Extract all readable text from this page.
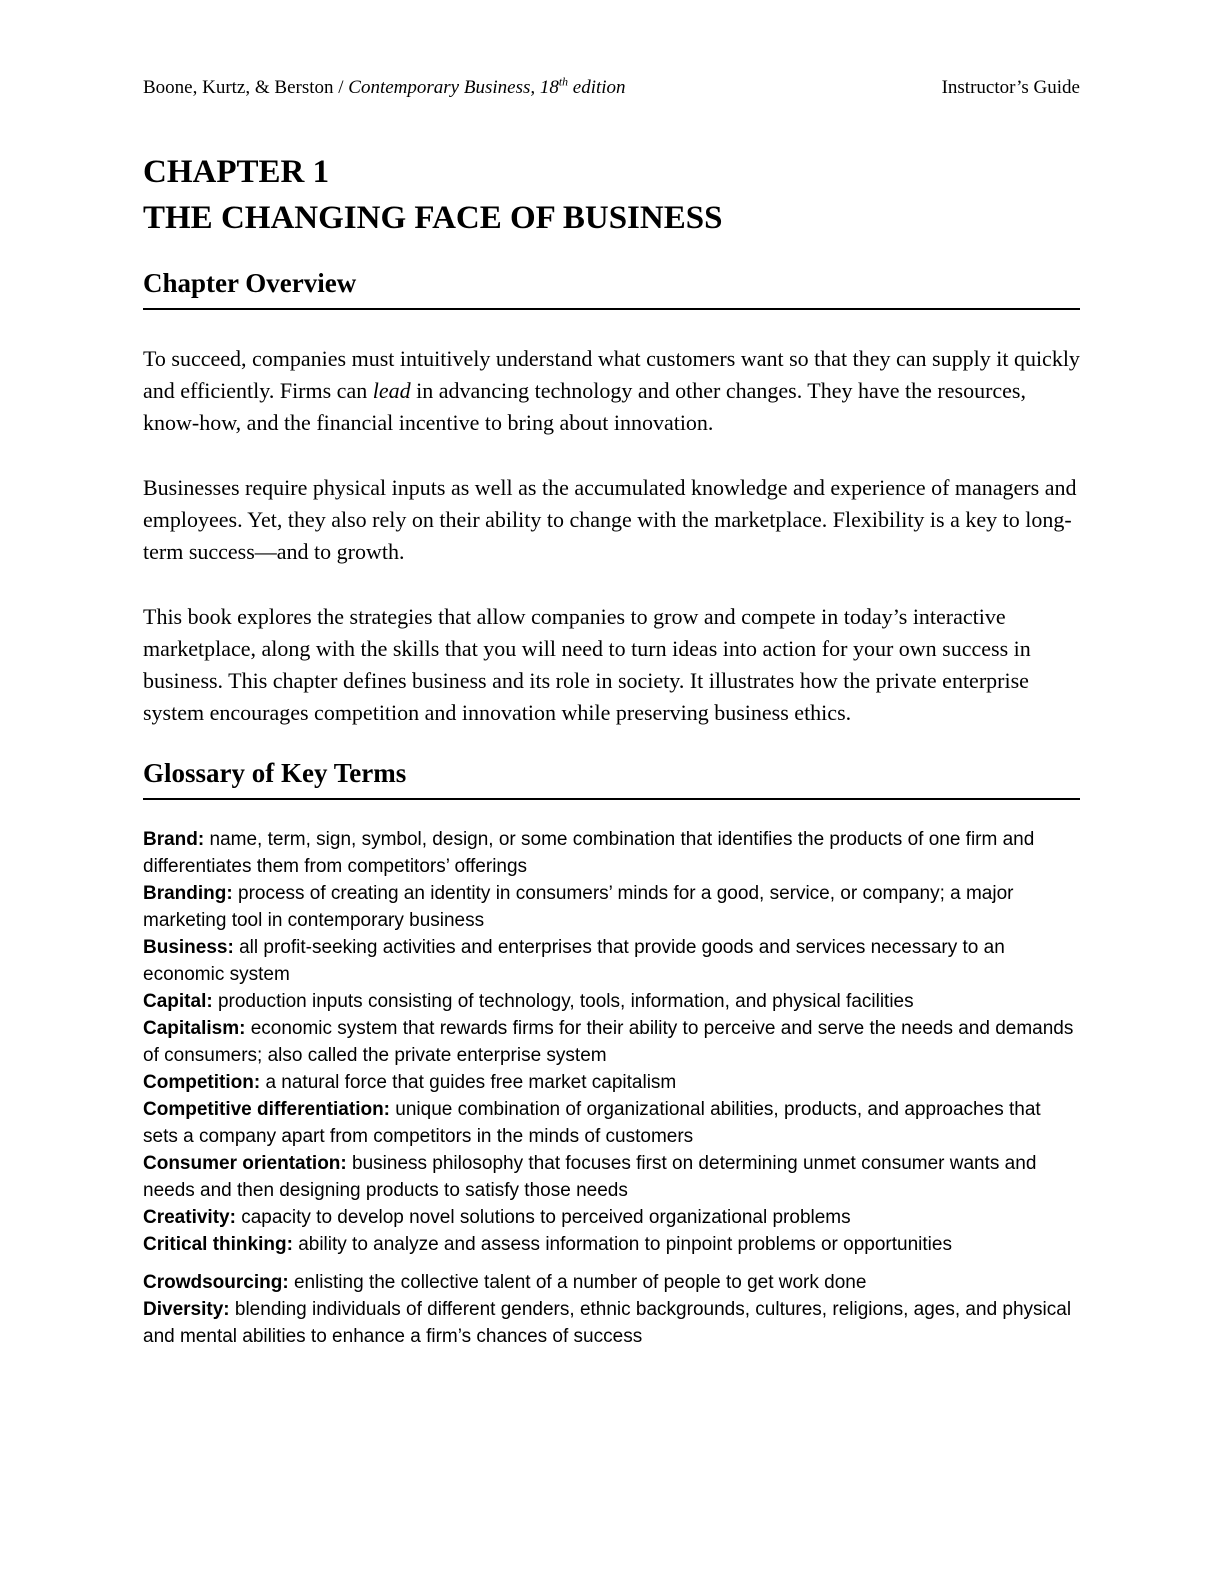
Boone, Kurtz, & Berston / Contemporary Business, 18th edition	Instructor’s Guide
CHAPTER 1
THE CHANGING FACE OF BUSINESS
Chapter Overview

To succeed, companies must intuitively understand what customers want so that they can supply it quickly and efficiently. Firms can lead in advancing technology and other changes. They have the resources, know-how, and the financial incentive to bring about innovation.

Businesses require physical inputs as well as the accumulated knowledge and experience of managers and employees. Yet, they also rely on their ability to change with the marketplace. Flexibility is a key to long-term success—and to growth.

This book explores the strategies that allow companies to grow and compete in today’s interactive marketplace, along with the skills that you will need to turn ideas into action for your own success in business. This chapter defines business and its role in society. It illustrates how the private enterprise system encourages competition and innovation while preserving business ethics.

Glossary of Key Terms

Brand: name, term, sign, symbol, design, or some combination that identifies the products of one firm and differentiates them from competitors’ offerings

Branding: process of creating an identity in consumers’ minds for a good, service, or company; a major marketing tool in contemporary business

Business: all profit-seeking activities and enterprises that provide goods and services necessary to an economic system

Capital: production inputs consisting of technology, tools, information, and physical facilities

Capitalism: economic system that rewards firms for their ability to perceive and serve the needs and demands of consumers; also called the private enterprise system

Competition: a natural force that guides free market capitalism

Competitive differentiation: unique combination of organizational abilities, products, and approaches that sets a company apart from competitors in the minds of customers

Consumer orientation: business philosophy that focuses first on determining unmet consumer wants and needs and then designing products to satisfy those needs

Creativity: capacity to develop novel solutions to perceived organizational problems

Critical thinking: ability to analyze and assess information to pinpoint problems or opportunities

Crowdsourcing: enlisting the collective talent of a number of people to get work done

Diversity: blending individuals of different genders, ethnic backgrounds, cultures, religions, ages, and physical and mental abilities to enhance a firm’s chances of success
